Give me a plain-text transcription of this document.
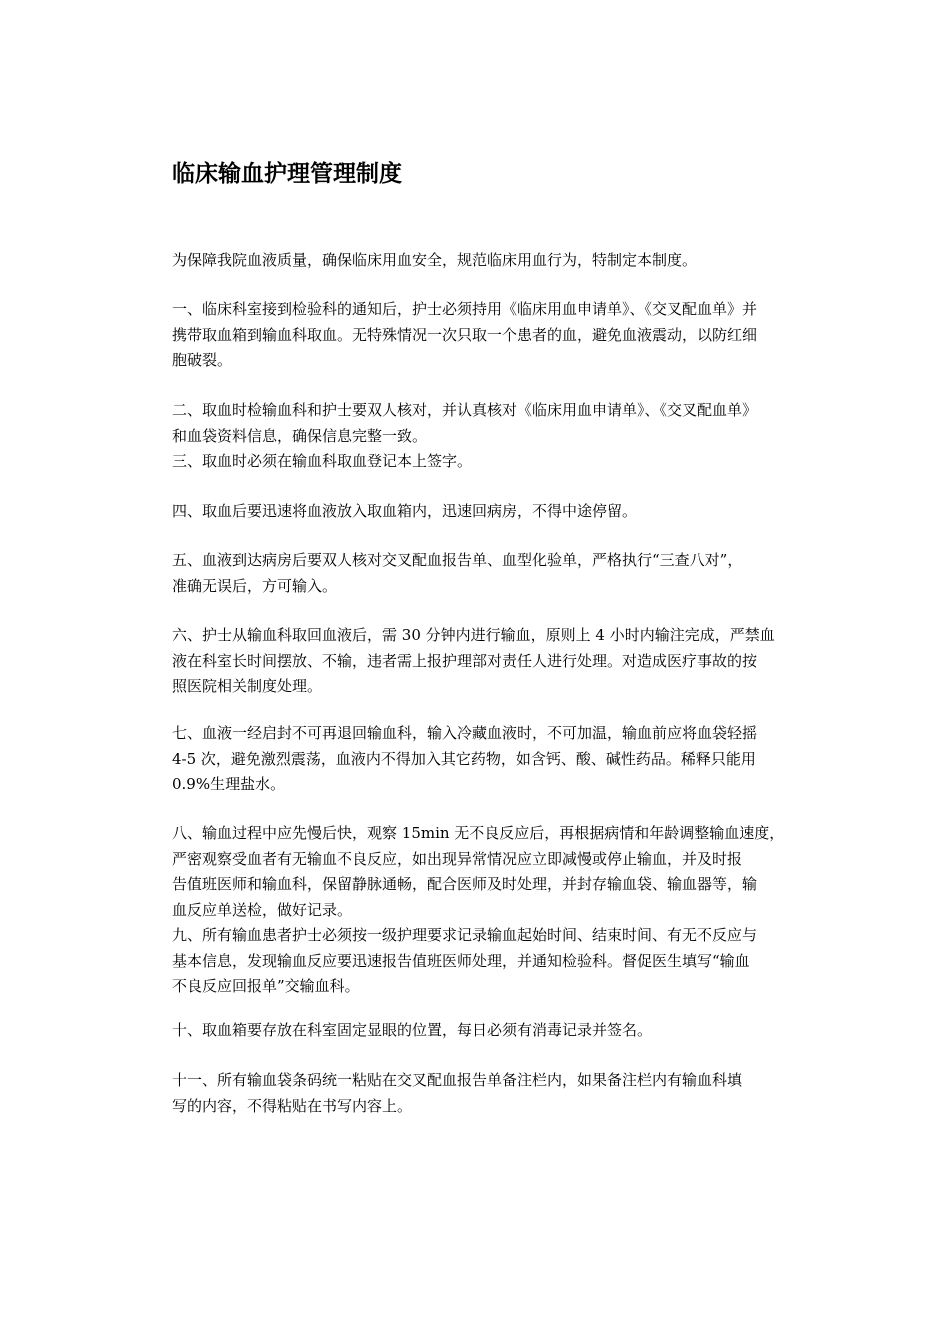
临床输血护理管理制度

为保障我院血液质量，确保临床用血安全，规范临床用血行为，特制定本制度。

一、临床科室接到检验科的通知后，护士必须持用《临床用血申请单》、《交叉配血单》并
携带取血箱到输血科取血。无特殊情况一次只取一个患者的血，避免血液震动，以防红细
胞破裂。
二、取血时检输血科和护士要双人核对，并认真核对《临床用血申请单》、《交叉配血单》
和血袋资料信息，确保信息完整一致。
三、取血时必须在输血科取血登记本上签字。
四、取血后要迅速将血液放入取血箱内，迅速回病房，不得中途停留。
五、血液到达病房后要双人核对交叉配血报告单、血型化验单，严格执行“三查八对”，
准确无误后，方可输入。
六、护士从输血科取回血液后，需 30 分钟内进行输血，原则上 4 小时内输注完成，严禁血
液在科室长时间摆放、不输，违者需上报护理部对责任人进行处理。对造成医疗事故的按
照医院相关制度处理。
七、血液一经启封不可再退回输血科，输入冷藏血液时，不可加温，输血前应将血袋轻摇
4-5 次，避免激烈震荡，血液内不得加入其它药物，如含钙、酸、碱性药品。稀释只能用
0.9%生理盐水。
八、输血过程中应先慢后快，观察 15min 无不良反应后，再根据病情和年龄调整输血速度，
严密观察受血者有无输血不良反应，如出现异常情况应立即减慢或停止输血，并及时报
告值班医师和输血科，保留静脉通畅，配合医师及时处理，并封存输血袋、输血器等，输
血反应单送检，做好记录。
九、所有输血患者护士必须按一级护理要求记录输血起始时间、结束时间、有无不反应与
基本信息，发现输血反应要迅速报告值班医师处理，并通知检验科。督促医生填写“输血
不良反应回报单”交输血科。
十、取血箱要存放在科室固定显眼的位置，每日必须有消毒记录并签名。
十一、所有输血袋条码统一粘贴在交叉配血报告单备注栏内，如果备注栏内有输血科填
写的内容，不得粘贴在书写内容上。
